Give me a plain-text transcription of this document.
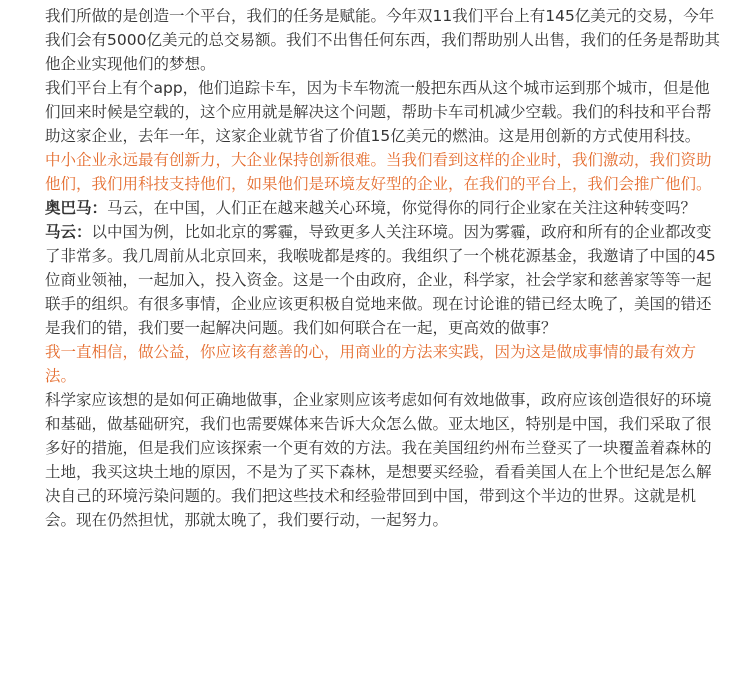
我们所做的是创造一个平台，我们的任务是赋能。今年双11我们平台上有145亿美元的交易，今年我们会有5000亿美元的总交易额。我们不出售任何东西，我们帮助别人出售，我们的任务是帮助其他企业实现他们的梦想。

我们平台上有个app，他们追踪卡车，因为卡车物流一般把东西从这个城市运到那个城市，但是他们回来时候是空载的，这个应用就是解决这个问题，帮助卡车司机减少空载。我们的科技和平台帮助这家企业，去年一年，这家企业就节省了价值15亿美元的燃油。这是用创新的方式使用科技。

中小企业永远最有创新力，大企业保持创新很难。当我们看到这样的企业时，我们激动，我们资助他们，我们用科技支持他们，如果他们是环境友好型的企业，在我们的平台上，我们会推广他们。

奥巴马：马云，在中国，人们正在越来越关心环境，你觉得你的同行企业家在关注这种转变吗？

马云：以中国为例，比如北京的雾霾，导致更多人关注环境。因为雾霾，政府和所有的企业都改变了非常多。我几周前从北京回来，我喉咙都是疼的。我组织了一个桃花源基金，我邀请了中国的45位商业领袖，一起加入，投入资金。这是一个由政府，企业，科学家，社会学家和慈善家等等一起联手的组织。有很多事情，企业应该更积极自觉地来做。现在讨论谁的错已经太晚了，美国的错还是我们的错，我们要一起解决问题。我们如何联合在一起，更高效的做事？

我一直相信，做公益，你应该有慈善的心，用商业的方法来实践，因为这是做成事情的最有效方法。

科学家应该想的是如何正确地做事，企业家则应该考虑如何有效地做事，政府应该创造很好的环境和基础，做基础研究，我们也需要媒体来告诉大众怎么做。亚太地区，特别是中国，我们采取了很多好的措施，但是我们应该探索一个更有效的方法。我在美国纽约州布兰登买了一块覆盖着森林的土地，我买这块土地的原因，不是为了买下森林，是想要买经验，看看美国人在上个世纪是怎么解决自己的环境污染问题的。我们把这些技术和经验带回到中国，带到这个半边的世界。这就是机会。现在仍然担忧，那就太晚了，我们要行动，一起努力。
